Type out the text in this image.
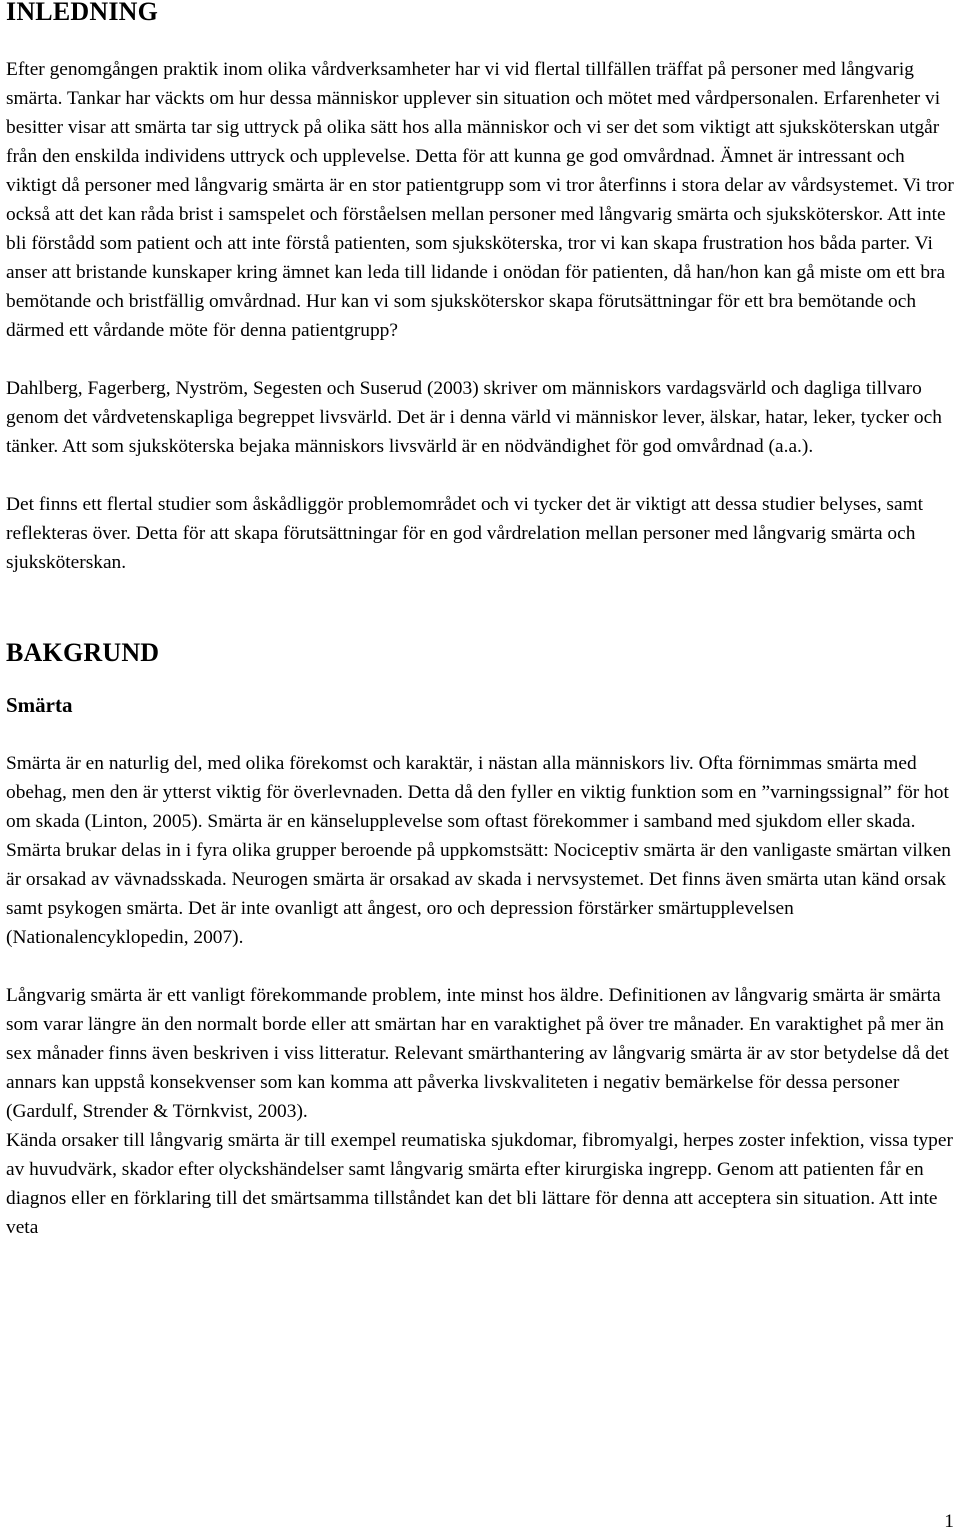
INLEDNING

Efter genomgången praktik inom olika vårdverksamheter har vi vid flertal tillfällen träffat på personer med långvarig smärta. Tankar har väckts om hur dessa människor upplever sin situation och mötet med vårdpersonalen. Erfarenheter vi besitter visar att smärta tar sig uttryck på olika sätt hos alla människor och vi ser det som viktigt att sjuksköterskan utgår från den enskilda individens uttryck och upplevelse. Detta för att kunna ge god omvårdnad. Ämnet är intressant och viktigt då personer med långvarig smärta är en stor patientgrupp som vi tror återfinns i stora delar av vårdsystemet. Vi tror också att det kan råda brist i samspelet och förståelsen mellan personer med långvarig smärta och sjuksköterskor. Att inte bli förstådd som patient och att inte förstå patienten, som sjuksköterska, tror vi kan skapa frustration hos båda parter. Vi anser att bristande kunskaper kring ämnet kan leda till lidande i onödan för patienten, då han/hon kan gå miste om ett bra bemötande och bristfällig omvårdnad. Hur kan vi som sjuksköterskor skapa förutsättningar för ett bra bemötande och därmed ett vårdande möte för denna patientgrupp?

Dahlberg, Fagerberg, Nyström, Segesten och Suserud (2003) skriver om människors vardagsvärld och dagliga tillvaro genom det vårdvetenskapliga begreppet livsvärld. Det är i denna värld vi människor lever, älskar, hatar, leker, tycker och tänker. Att som sjuksköterska bejaka människors livsvärld är en nödvändighet för god omvårdnad (a.a.).

Det finns ett flertal studier som åskådliggör problemområdet och vi tycker det är viktigt att dessa studier belyses, samt reflekteras över. Detta för att skapa förutsättningar för en god vårdrelation mellan personer med långvarig smärta och sjuksköterskan.

BAKGRUND
Smärta

Smärta är en naturlig del, med olika förekomst och karaktär, i nästan alla människors liv. Ofta förnimmas smärta med obehag, men den är ytterst viktig för överlevnaden. Detta då den fyller en viktig funktion som en ”varningssignal” för hot om skada (Linton, 2005). Smärta är en känselupplevelse som oftast förekommer i samband med sjukdom eller skada. Smärta brukar delas in i fyra olika grupper beroende på uppkomstsätt: Nociceptiv smärta är den vanligaste smärtan vilken är orsakad av vävnadsskada. Neurogen smärta är orsakad av skada i nervsystemet. Det finns även smärta utan känd orsak samt psykogen smärta. Det är inte ovanligt att ångest, oro och depression förstärker smärtupplevelsen (Nationalencyklopedin, 2007).

Långvarig smärta är ett vanligt förekommande problem, inte minst hos äldre. Definitionen av långvarig smärta är smärta som varar längre än den normalt borde eller att smärtan har en varaktighet på över tre månader. En varaktighet på mer än sex månader finns även beskriven i viss litteratur. Relevant smärthantering av långvarig smärta är av stor betydelse då det annars kan uppstå konsekvenser som kan komma att påverka livskvaliteten i negativ bemärkelse för dessa personer (Gardulf, Strender & Törnkvist, 2003).

Kända orsaker till långvarig smärta är till exempel reumatiska sjukdomar, fibromyalgi, herpes zoster infektion, vissa typer av huvudvärk, skador efter olyckshändelser samt långvarig smärta efter kirurgiska ingrepp. Genom att patienten får en diagnos eller en förklaring till det smärtsamma tillståndet kan det bli lättare för denna att acceptera sin situation. Att inte veta

1
